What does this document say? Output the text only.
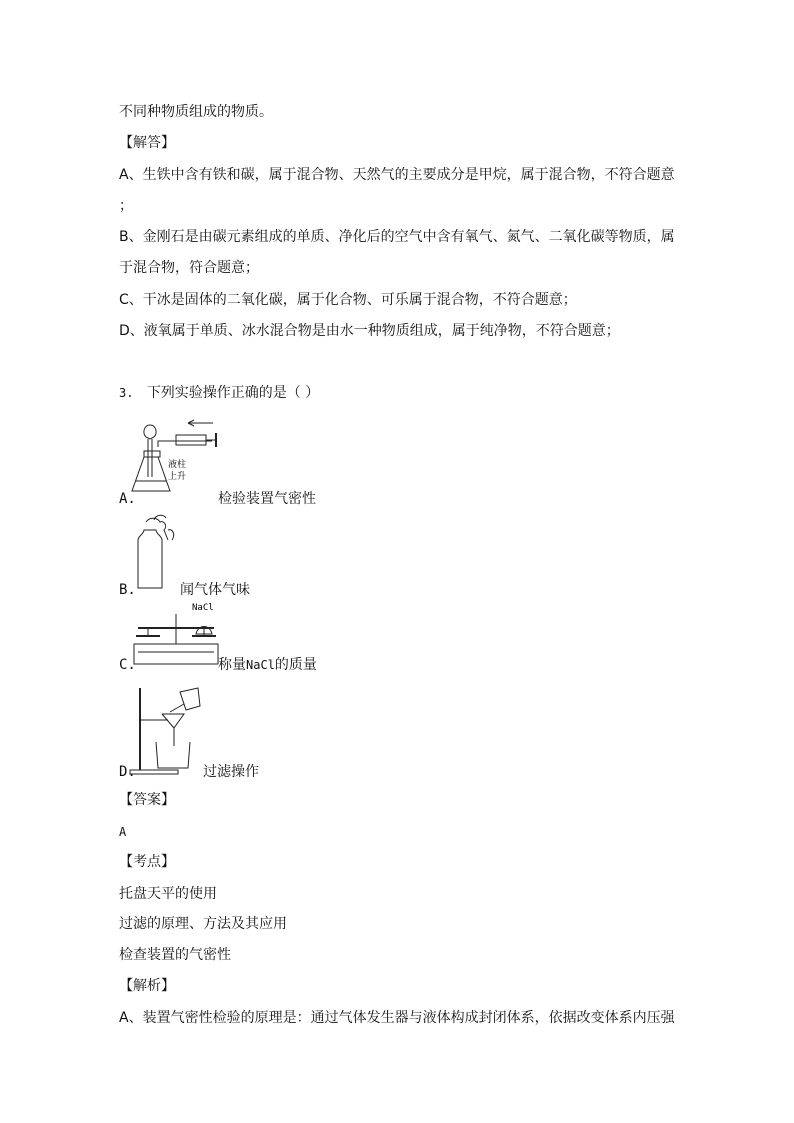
不同种物质组成的物质。
【解答】
A、生铁中含有铁和碳，属于混合物、天然气的主要成分是甲烷，属于混合物，不符合题意
；
B、金刚石是由碳元素组成的单质、净化后的空气中含有氧气、氮气、二氧化碳等物质，属
于混合物，符合题意；
C、干冰是固体的二氧化碳，属于化合物、可乐属于混合物，不符合题意；
D、液氧属于单质、冰水混合物是由水一种物质组成，属于纯净物，不符合题意；
3. 下列实验操作正确的是（ ）
液柱
上升
A.	检验装置气密性
B.	闻气体气味
NaCl
C.	称量NaCl的质量
D.	过滤操作
【答案】
A
【考点】
托盘天平的使用
过滤的原理、方法及其应用
检查装置的气密性
【解析】
A、装置气密性检验的原理是：通过气体发生器与液体构成封闭体系，依据改变体系内压强
